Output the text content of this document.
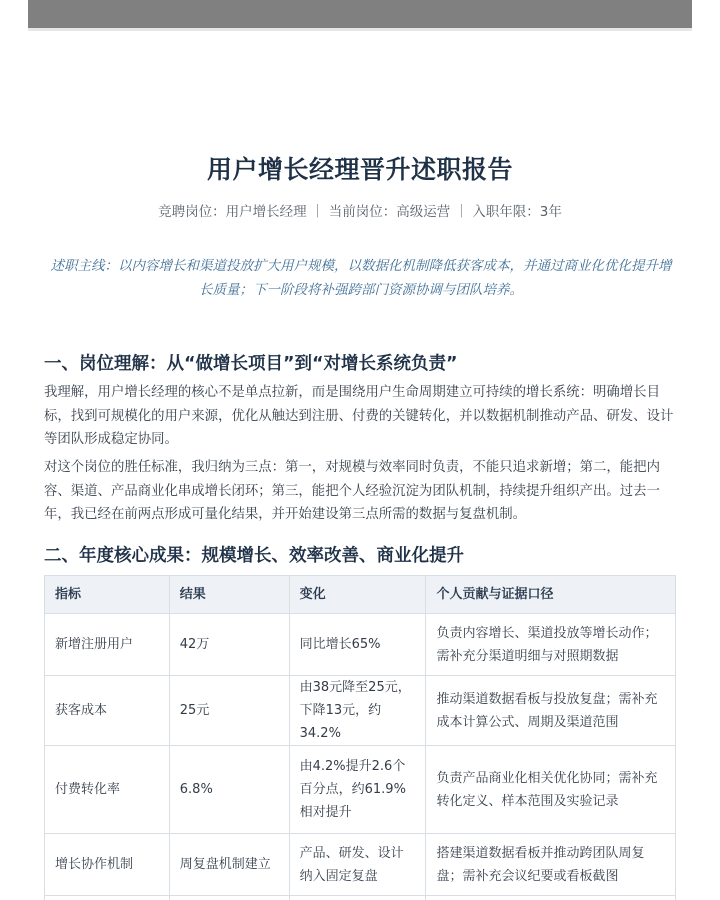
用户增长经理晋升述职报告
竞聘岗位：用户增长经理 ｜ 当前岗位：高级运营 ｜ 入职年限：3年
述职主线：以内容增长和渠道投放扩大用户规模，以数据化机制降低获客成本，并通过商业化优化提升增长质量；下一阶段将补强跨部门资源协调与团队培养。
一、岗位理解：从“做增长项目”到“对增长系统负责”

我理解，用户增长经理的核心不是单点拉新，而是围绕用户生命周期建立可持续的增长系统：明确增长目标，找到可规模化的用户来源，优化从触达到注册、付费的关键转化，并以数据机制推动产品、研发、设计等团队形成稳定协同。

对这个岗位的胜任标准，我归纳为三点：第一，对规模与效率同时负责，不能只追求新增；第二，能把内容、渠道、产品商业化串成增长闭环；第三，能把个人经验沉淀为团队机制，持续提升组织产出。过去一年，我已经在前两点形成可量化结果，并开始建设第三点所需的数据与复盘机制。

二、年度核心成果：规模增长、效率改善、商业化提升
指标	结果	变化	个人贡献与证据口径
新增注册用户	42万	同比增长65%	负责内容增长、渠道投放等增长动作；需补充分渠道明细与对照期数据
获客成本	25元	由38元降至25元，下降13元，约34.2%	推动渠道数据看板与投放复盘；需补充成本计算公式、周期及渠道范围
付费转化率	6.8%	由4.2%提升2.6个百分点，约61.9%相对提升	负责产品商业化相关优化协同；需补充转化定义、样本范围及实验记录
增长协作机制	周复盘机制建立	产品、研发、设计纳入固定复盘	搭建渠道数据看板并推动跨团队周复盘；需补充会议纪要或看板截图
